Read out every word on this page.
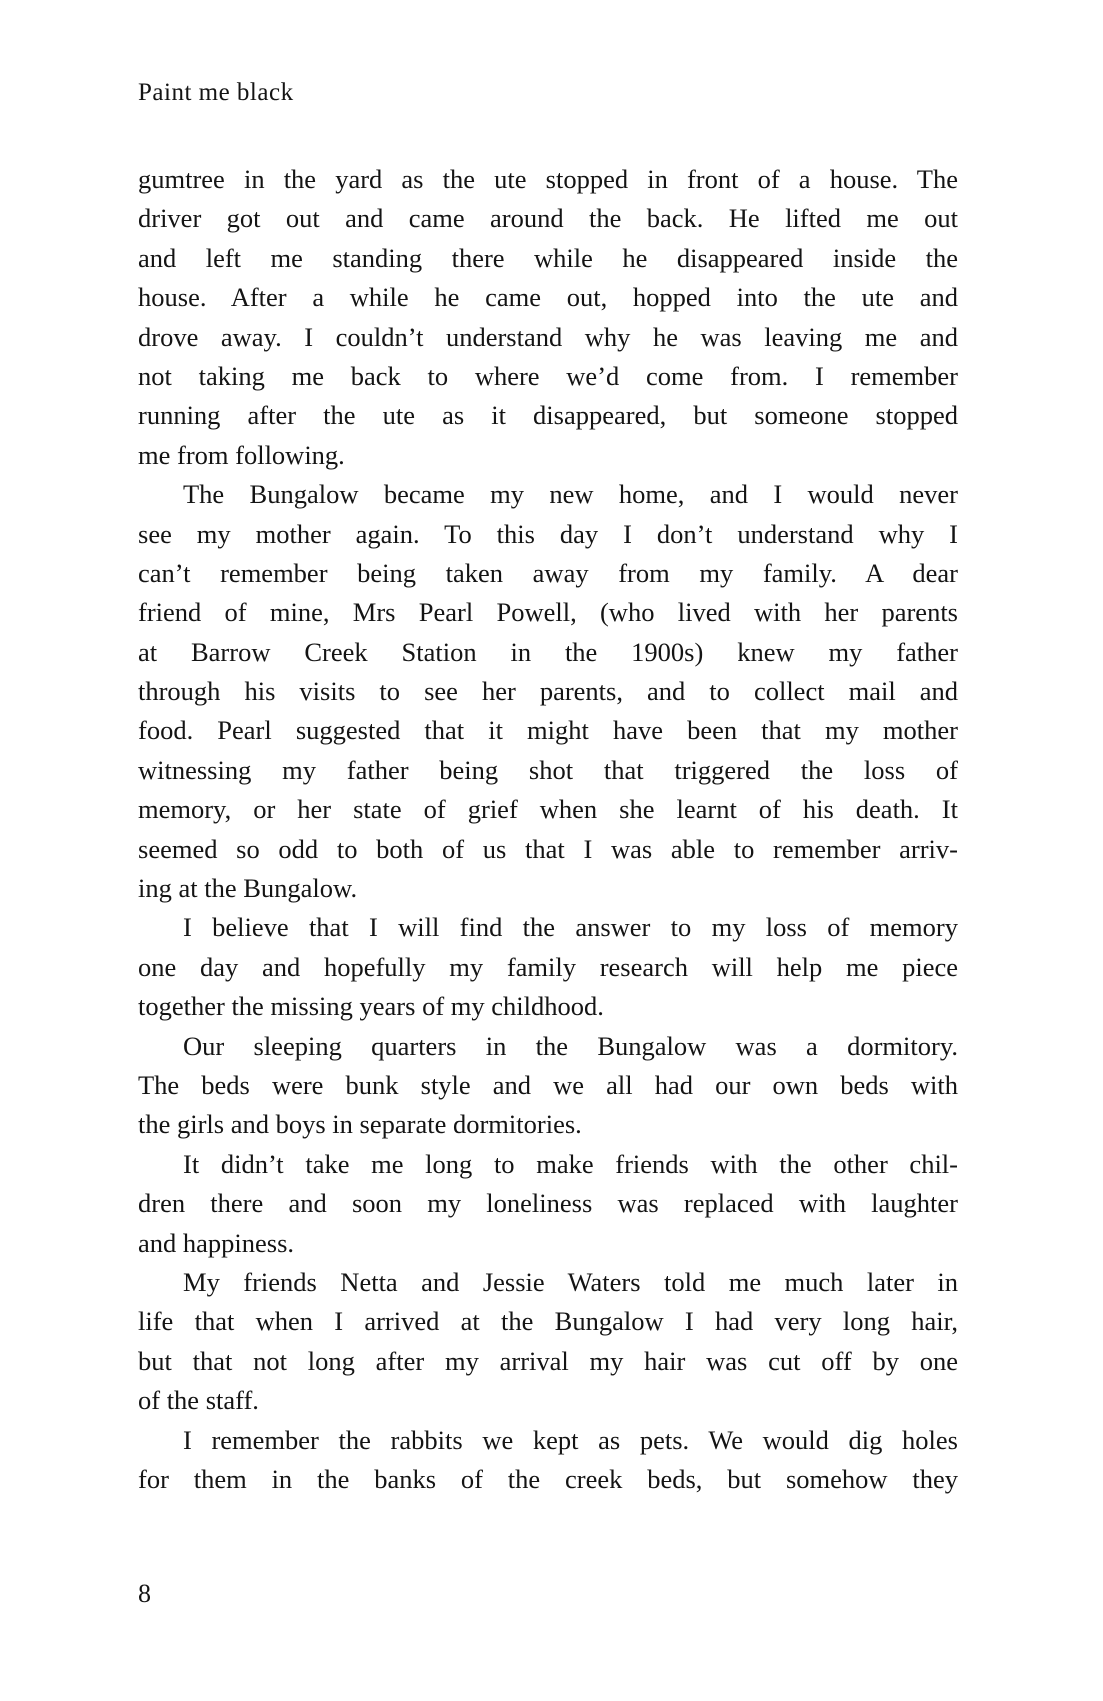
Paint me black
gumtree in the yard as the ute stopped in front of a house. The
driver got out and came around the back. He lifted me out
and left me standing there while he disappeared inside the
house. After a while he came out, hopped into the ute and
drove away. I couldn’t understand why he was leaving me and
not taking me back to where we’d come from. I remember
running after the ute as it disappeared, but someone stopped
me from following.
The Bungalow became my new home, and I would never
see my mother again. To this day I don’t understand why I
can’t remember being taken away from my family. A dear
friend of mine, Mrs Pearl Powell, (who lived with her parents
at Barrow Creek Station in the 1900s) knew my father
through his visits to see her parents, and to collect mail and
food. Pearl suggested that it might have been that my mother
witnessing my father being shot that triggered the loss of
memory, or her state of grief when she learnt of his death. It
seemed so odd to both of us that I was able to remember arriv-
ing at the Bungalow.
I believe that I will find the answer to my loss of memory
one day and hopefully my family research will help me piece
together the missing years of my childhood.
Our sleeping quarters in the Bungalow was a dormitory.
The beds were bunk style and we all had our own beds with
the girls and boys in separate dormitories.
It didn’t take me long to make friends with the other chil-
dren there and soon my loneliness was replaced with laughter
and happiness.
My friends Netta and Jessie Waters told me much later in
life that when I arrived at the Bungalow I had very long hair,
but that not long after my arrival my hair was cut off by one
of the staff.
I remember the rabbits we kept as pets. We would dig holes
for them in the banks of the creek beds, but somehow they
8
